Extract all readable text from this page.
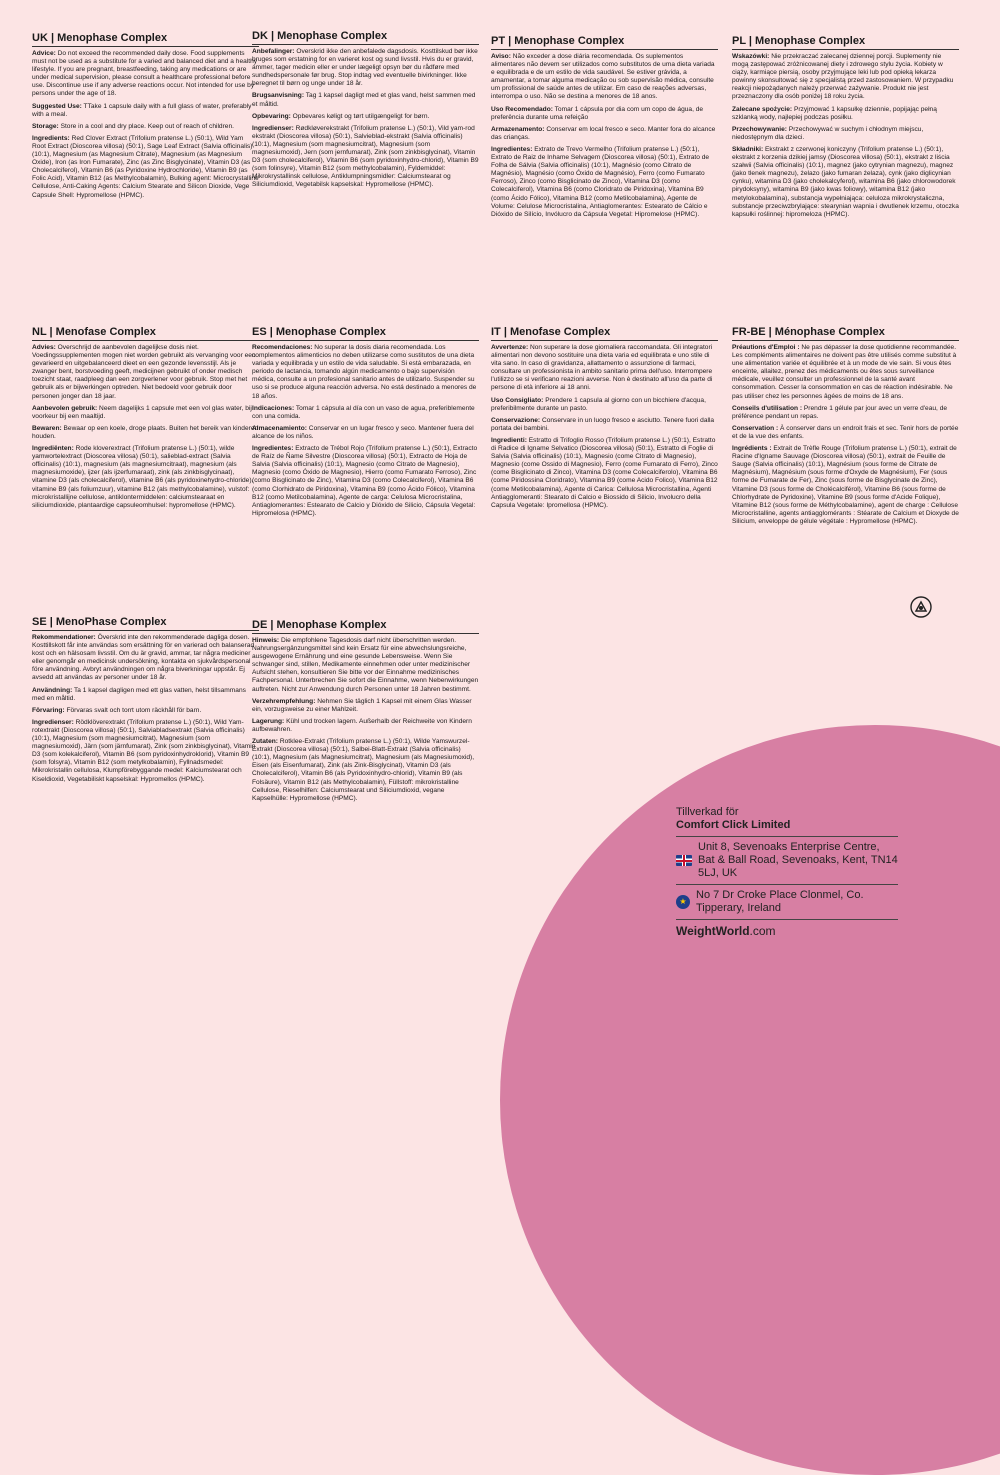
UK | Menophase Complex
Advice: Do not exceed the recommended daily dose. Food supplements must not be used as a substitute for a varied and balanced diet and a healthy lifestyle. If you are pregnant, breastfeeding, taking any medications or are under medical supervision, please consult a healthcare professional before use. Discontinue use if any adverse reactions occur. Not intended for use by persons under the age of 18.
Suggested Use: TTake 1 capsule daily with a full glass of water, preferably with a meal.
Storage: Store in a cool and dry place. Keep out of reach of children.
Ingredients: Red Clover Extract (Trifolium pratense L.) (50:1), Wild Yam Root Extract (Dioscorea villosa) (50:1), Sage Leaf Extract (Salvia officinalis) (10:1), Magnesium (as Magnesium Citrate), Magnesium (as Magnesium Oxide), Iron (as Iron Fumarate), Zinc (as Zinc Bisglycinate), Vitamin D3 (as Cholecalciferol), Vitamin B6 (as Pyridoxine Hydrochloride), Vitamin B9 (as Folic Acid), Vitamin B12 (as Methylcobalamin), Bulking agent: Microcrystalline Cellulose, Anti-Caking Agents: Calcium Stearate and Silicon Dioxide, Vege Capsule Shell: Hypromellose (HPMC).
DK | Menophase Complex
Anbefalinger: Overskrid ikke den anbefalede dagsdosis. Kosttilskud bør ikke bruges som erstatning for en varieret kost og sund livsstil. Hvis du er gravid, ammer, tager medicin eller er under lægeligt opsyn bør du rådføre med sundhedspersonale før brug. Stop indtag ved eventuelle bivirkninger. Ikke beregnet til børn og unge under 18 år.
Brugsanvisning: Tag 1 kapsel dagligt med et glas vand, helst sammen med et måltid.
Opbevaring: Opbevares køligt og tørt utilgængeligt for børn.
Ingredienser: Rødkløverekstrakt (Trifolium pratense L.) (50:1), Vild yam-rod ekstrakt (Dioscorea villosa) (50:1), Salvieblad-ekstrakt (Salvia officinalis) (10:1), Magnesium (som magnesiumcitrat), Magnesium (som magnesiumoxid), Jern (som jernfumarat), Zink (som zinkbisglycinat), Vitamin D3 (som cholecalciferol), Vitamin B6 (som pyridoxinhydro-chlorid), Vitamin B9 (som folinsyre), Vitamin B12 (som methylcobalamin), Fyldemiddel: Mikrokrystallinsk cellulose, Antiklumpningsmidler: Calciumstearat og Siliciumdioxid, Vegetabilsk kapselskal: Hypromellose (HPMC).
PT | Menophase Complex
Aviso: Não exceder a dose diária recomendada. Os suplementos alimentares não devem ser utilizados como substitutos de uma dieta variada e equilibrada e de um estilo de vida saudável. Se estiver grávida, a amamentar, a tomar alguma medicação ou sob supervisão médica, consulte um profissional de saúde antes de utilizar. Em caso de reações adversas, interrompa o uso. Não se destina a menores de 18 anos.
Uso Recomendado: Tomar 1 cápsula por dia com um copo de água, de preferência durante uma refeição
Armazenamento: Conservar em local fresco e seco. Manter fora do alcance das crianças.
Ingredientes: Extrato de Trevo Vermelho (Trifolium pratense L.) (50:1), Extrato de Raiz de Inhame Selvagem (Dioscorea villosa) (50:1), Extrato de Folha de Sálvia (Salvia officinalis) (10:1), Magnésio (como Citrato de Magnésio), Magnésio (como Óxido de Magnésio), Ferro (como Fumarato Ferroso), Zinco (como Bisglicinato de Zinco), Vitamina D3 (como Colecalciferol), Vitamina B6 (como Cloridrato de Piridoxina), Vitamina B9 (como Ácido Fólico), Vitamina B12 (como Metilcobalamina), Agente de Volume: Celulose Microcristalina, Antiaglomerantes: Estearato de Cálcio e Dióxido de Silício, Invólucro da Cápsula Vegetal: Hipromelose (HPMC).
PL | Menophase Complex
Wskazówki: Nie przekraczać zalecanej dziennej porcji. Suplementy nie mogą zastępować zróżnicowanej diety i zdrowego stylu życia. Kobiety w ciąży, karmiące piersią, osoby przyjmujące leki lub pod opieką lekarza powinny skonsultować się z specjalistą przed zastosowaniem. W przypadku reakcji niepożądanych należy przerwać zażywanie. Produkt nie jest przeznaczony dla osób poniżej 18 roku życia.
Zalecane spożycie: Przyjmować 1 kapsułkę dziennie, popijając pełną szklanką wody, najlepiej podczas posiłku.
Przechowywanie: Przechowywać w suchym i chłodnym miejscu, niedostępnym dla dzieci.
Składniki: Ekstrakt z czerwonej koniczyny (Trifolium pratense L.) (50:1), ekstrakt z korzenia dzikiej jamsy (Dioscorea villosa) (50:1), ekstrakt z liścia szałwii (Salvia officinalis) (10:1), magnez (jako cytrynian magnezu), magnez (jako tlenek magnezu), żelazo (jako fumaran żelaza), cynk (jako diglicynian cynku), witamina D3 (jako cholekalcyferol), witamina B6 (jako chlorowodorek pirydoksyny), witamina B9 (jako kwas foliowy), witamina B12 (jako metylokobalamina), substancja wypełniająca: celuloza mikrokrystaliczna, substancje przeciwzbrylające: stearynian wapnia i dwutlenek krzemu, otoczka kapsułki roślinnej: hipromeloza (HPMC).
NL | Menofase Complex
Advies: Overschrijd de aanbevolen dagelijkse dosis niet. Voedingssupplementen mogen niet worden gebruikt als vervanging voor een gevarieerd en uitgebalanceerd dieet en een gezonde levensstijl. Als je zwanger bent, borstvoeding geeft, medicijnen gebruikt of onder medisch toezicht staat, raadpleeg dan een zorgverlener voor gebruik. Stop met het gebruik als er bijwerkingen optreden. Niet bedoeld voor gebruik door personen jonger dan 18 jaar.
Aanbevolen gebruik: Neem dagelijks 1 capsule met een vol glas water, bij voorkeur bij een maaltijd.
Bewaren: Bewaar op een koele, droge plaats. Buiten het bereik van kinderen houden.
Ingrediënten: Rode kloverextract (Trifolium pratense L.) (50:1), wilde yamwortelextract (Dioscorea villosa) (50:1), salieblad-extract (Salvia officinalis) (10:1), magnesium (als magnesiumcitraat), magnesium (als magnesiumoxide), ijzer (als ijzerfumaraat), zink (als zinkbisglycinaat), vitamine D3 (als cholecalciferol), vitamine B6 (als pyridoxinehydro-chloride), vitamine B9 (als foliumzuur), vitamine B12 (als methylcobalamine), vulstof: microkristallijne cellulose, antiklontermiddelen: calciumstearaat en siliciumdioxide, plantaardige capsuleomhulsel: hypromellose (HPMC).
ES | Menophase Complex
Recomendaciones: No superar la dosis diaria recomendada. Los complementos alimenticios no deben utilizarse como sustitutos de una dieta variada y equilibrada y un estilo de vida saludable. Si está embarazada, en periodo de lactancia, tomando algún medicamento o bajo supervisión médica, consulte a un profesional sanitario antes de utilizarlo. Suspender su uso si se produce alguna reacción adversa. No está destinado a menores de 18 años.
Indicaciones: Tomar 1 cápsula al día con un vaso de agua, preferiblemente con una comida.
Almacenamiento: Conservar en un lugar fresco y seco. Mantener fuera del alcance de los niños.
Ingredientes: Extracto de Trébol Rojo (Trifolium pratense L.) (50:1), Extracto de Raíz de Ñame Silvestre (Dioscorea villosa) (50:1), Extracto de Hoja de Salvia (Salvia officinalis) (10:1), Magnesio (como Citrato de Magnesio), Magnesio (como Óxido de Magnesio), Hierro (como Fumarato Ferroso), Zinc (como Bisglicinato de Zinc), Vitamina D3 (como Colecalciferol), Vitamina B6 (como Clorhidrato de Piridoxina), Vitamina B9 (como Ácido Fólico), Vitamina B12 (como Metilcobalamina), Agente de carga: Celulosa Microcristalina, Antiaglomerantes: Estearato de Calcio y Dióxido de Silicio, Cápsula Vegetal: Hipromelosa (HPMC).
IT | Menofase Complex
Avvertenze: Non superare la dose giornaliera raccomandata. Gli integratori alimentari non devono sostituire una dieta varia ed equilibrata e uno stile di vita sano. In caso di gravidanza, allattamento o assunzione di farmaci, consultare un professionista in ambito sanitario prima dell'uso. Interrompere l'utilizzo se si verificano reazioni avverse. Non è destinato all'uso da parte di persone di età inferiore ai 18 anni.
Uso Consigliato: Prendere 1 capsula al giorno con un bicchiere d'acqua, preferibilmente durante un pasto.
Conservazione: Conservare in un luogo fresco e asciutto. Tenere fuori dalla portata dei bambini.
Ingredienti: Estratto di Trifoglio Rosso (Trifolium pratense L.) (50:1), Estratto di Radice di Igname Selvatico (Dioscorea villosa) (50:1), Estratto di Foglie di Salvia (Salvia officinalis) (10:1), Magnesio (come Citrato di Magnesio), Magnesio (come Ossido di Magnesio), Ferro (come Fumarato di Ferro), Zinco (come Bisglicinato di Zinco), Vitamina D3 (come Colecalciferolo), Vitamina B6 (come Piridossina Cloridrato), Vitamina B9 (come Acido Folico), Vitamina B12 (come Metilcobalamina), Agente di Carica: Cellulosa Microcristallina, Agenti Antiagglomeranti: Stearato di Calcio e Biossido di Silicio, Involucro della Capsula Vegetale: Ipromellosa (HPMC).
FR-BE | Ménophase Complex
Préautions d'Emploi : Ne pas dépasser la dose quotidienne recommandée. Les compléments alimentaires ne doivent pas être utilisés comme substitut à une alimentation variée et équilibrée et à un mode de vie sain. Si vous êtes enceinte, allaitez, prenez des médicaments ou êtes sous surveillance médicale, veuillez consulter un professionnel de la santé avant consommation. Cesser la consommation en cas de réaction indésirable. Ne pas utiliser chez les personnes âgées de moins de 18 ans.
Conseils d'utilisation : Prendre 1 gélule par jour avec un verre d'eau, de préférence pendant un repas.
Conservation : À conserver dans un endroit frais et sec. Tenir hors de portée et de la vue des enfants.
Ingrédients : Extrait de Trèfle Rouge (Trifolium pratense L.) (50:1), extrait de Racine d'Igname Sauvage (Dioscorea villosa) (50:1), extrait de Feuille de Sauge (Salvia officinalis) (10:1), Magnésium (sous forme de Citrate de Magnésium), Magnésium (sous forme d'Oxyde de Magnésium), Fer (sous forme de Fumarate de Fer), Zinc (sous forme de Bisglycinate de Zinc), Vitamine D3 (sous forme de Cholécalciférol), Vitamine B6 (sous forme de Chlorhydrate de Pyridoxine), Vitamine B9 (sous forme d'Acide Folique), Vitamine B12 (sous forme de Méthylcobalamine), agent de charge : Cellulose Microcristalline, agents antiagglomérants : Stéarate de Calcium et Dioxyde de Silicium, enveloppe de gélule végétale : Hypromellose (HPMC).
SE | MenoPhase Complex
Rekommendationer: Överskrid inte den rekommenderade dagliga dosen. Kosttillskott får inte användas som ersättning för en varierad och balanserad kost och en hälsosam livsstil. Om du är gravid, ammar, tar några mediciner eller genomgår en medicinsk undersökning, kontakta en sjukvårdspersonal före användning. Avbryt användningen om några biverkningar uppstår. Ej avsedd att användas av personer under 18 år.
Användning: Ta 1 kapsel dagligen med ett glas vatten, helst tillsammans med en måltid.
Förvaring: Förvaras svalt och torrt utom räckhåll för barn.
Ingredienser: Rödklöverextrakt (Trifolium pratense L.) (50:1), Wild Yam-rotextrakt (Dioscorea villosa) (50:1), Salviabladsextrakt (Salvia officinalis) (10:1), Magnesium (som magnesiumcitrat), Magnesium (som magnesiumoxid), Järn (som järnfumarat), Zink (som zinkbisglycinat), Vitamin D3 (som kolekalciferol), Vitamin B6 (som pyridoxinhydroklorid), Vitamin B9 (som folsyra), Vitamin B12 (som metylkobalamin), Fyllnadsmedel: Mikrokristallin cellulosa, Klumpförebyggande medel: Kalciumstearat och Kiseldioxid, Vegetabiliskt kapselskal: Hypromellos (HPMC).
DE | Menophase Komplex
Hinweis: Die empfohlene Tagesdosis darf nicht überschritten werden. Nahrungsergänzungsmittel sind kein Ersatz für eine abwechslungsreiche, ausgewogene Ernährung und eine gesunde Lebensweise. Wenn Sie schwanger sind, stillen, Medikamente einnehmen oder unter medizinischer Aufsicht stehen, konsultieren Sie bitte vor der Einnahme medizinisches Fachpersonal. Unterbrechen Sie sofort die Einnahme, wenn Nebenwirkungen auftreten. Nicht zur Anwendung durch Personen unter 18 Jahren bestimmt.
Verzehrempfehlung: Nehmen Sie täglich 1 Kapsel mit einem Glas Wasser ein, vorzugsweise zu einer Mahlzeit.
Lagerung: Kühl und trocken lagern. Außerhalb der Reichweite von Kindern aufbewahren.
Zutaten: Rotklee-Extrakt (Trifolium pratense L.) (50:1), Wilde Yamswurzel-Extrakt (Dioscorea villosa) (50:1), Salbei-Blatt-Extrakt (Salvia officinalis) (10:1), Magnesium (als Magnesiumcitrat), Magnesium (als Magnesiumoxid), Eisen (als Eisenfumarat), Zink (als Zink-Bisglycinat), Vitamin D3 (als Cholecalciferol), Vitamin B6 (als Pyridoxinhydro-chlorid), Vitamin B9 (als Folsäure), Vitamin B12 (als Methylcobalamin), Füllstoff: mikrokristalline Cellulose, Rieselhilfen: Calciumstearat und Siliciumdioxid, vegane Kapselhülle: Hypromellose (HPMC).
Tillverkad för
Comfort Click Limited
Unit 8, Sevenoaks Enterprise Centre, Bat & Ball Road, Sevenoaks, Kent, TN14 5LJ, UK
★
No 7 Dr Croke Place Clonmel, Co. Tipperary, Ireland
WeightWorld.com
